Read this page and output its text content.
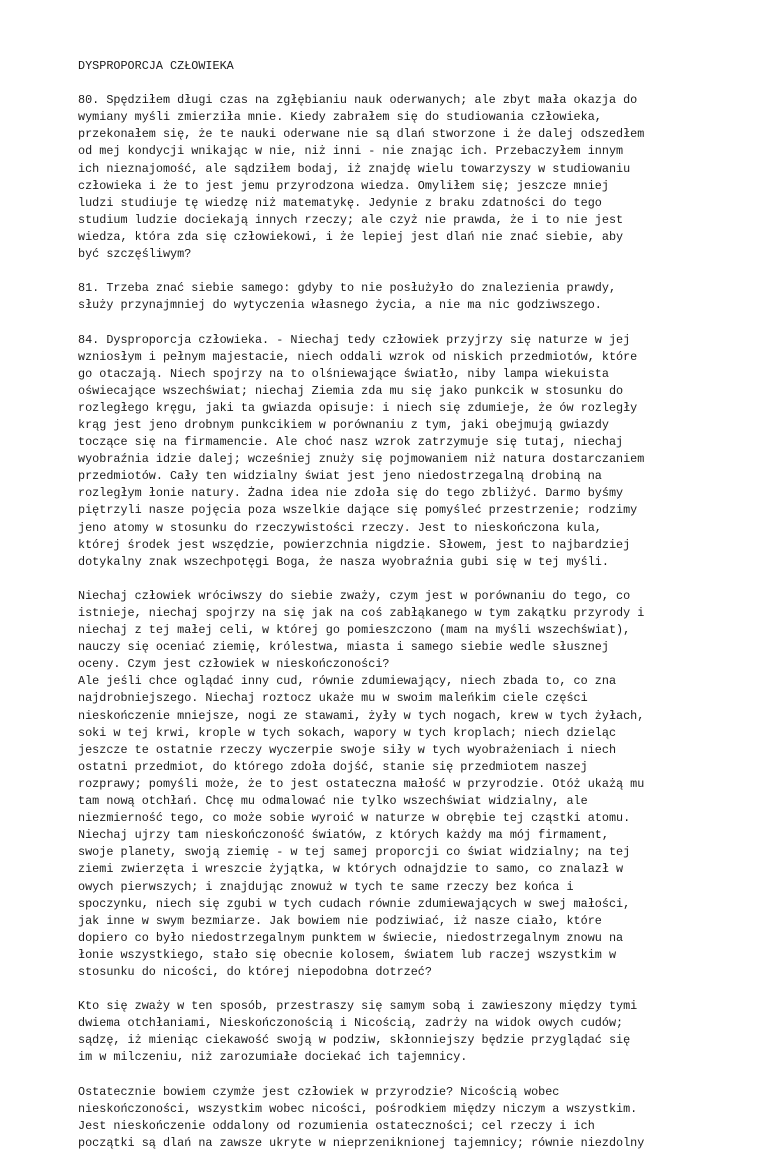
DYSPROPORCJA CZŁOWIEKA
80. Spędziłem długi czas na zgłębianiu nauk oderwanych; ale zbyt mała okazja do
wymiany myśli zmierziła mnie. Kiedy zabrałem się do studiowania człowieka,
przekonałem się, że te nauki oderwane nie są dlań stworzone i że dalej odszedłem
od mej kondycji wnikając w nie, niż inni - nie znając ich. Przebaczyłem innym
ich nieznajomość, ale sądziłem bodaj, iż znajdę wielu towarzyszy w studiowaniu
człowieka i że to jest jemu przyrodzona wiedza. Omyliłem się; jeszcze mniej
ludzi studiuje tę wiedzę niż matematykę. Jedynie z braku zdatności do tego
studium ludzie dociekają innych rzeczy; ale czyż nie prawda, że i to nie jest
wiedza, która zda się człowiekowi, i że lepiej jest dlań nie znać siebie, aby
być szczęśliwym?
81. Trzeba znać siebie samego: gdyby to nie posłużyło do znalezienia prawdy,
służy przynajmniej do wytyczenia własnego życia, a nie ma nic godziwszego.
84. Dysproporcja człowieka. - Niechaj tedy człowiek przyjrzy się naturze w jej
wzniosłym i pełnym majestacie, niech oddali wzrok od niskich przedmiotów, które
go otaczają. Niech spojrzy na to olśniewające światło, niby lampa wiekuista
oświecające wszechświat; niechaj Ziemia zda mu się jako punkcik w stosunku do
rozległego kręgu, jaki ta gwiazda opisuje: i niech się zdumieje, że ów rozległy
krąg jest jeno drobnym punkcikiem w porównaniu z tym, jaki obejmują gwiazdy
toczące się na firmamencie. Ale choć nasz wzrok zatrzymuje się tutaj, niechaj
wyobraźnia idzie dalej; wcześniej znuży się pojmowaniem niż natura dostarczaniem
przedmiotów. Cały ten widzialny świat jest jeno niedostrzegalną drobiną na
rozległym łonie natury. Żadna idea nie zdoła się do tego zbliżyć. Darmo byśmy
piętrzyli nasze pojęcia poza wszelkie dające się pomyśleć przestrzenie; rodzimy
jeno atomy w stosunku do rzeczywistości rzeczy. Jest to nieskończona kula,
której środek jest wszędzie, powierzchnia nigdzie. Słowem, jest to najbardziej
dotykalny znak wszechpotęgi Boga, że nasza wyobraźnia gubi się w tej myśli.
Niechaj człowiek wróciwszy do siebie zważy, czym jest w porównaniu do tego, co
istnieje, niechaj spojrzy na się jak na coś zabłąkanego w tym zakątku przyrody i
niechaj z tej małej celi, w której go pomieszczono (mam na myśli wszechświat),
nauczy się oceniać ziemię, królestwa, miasta i samego siebie wedle słusznej
oceny. Czym jest człowiek w nieskończoności?
Ale jeśli chce oglądać inny cud, równie zdumiewający, niech zbada to, co zna
najdrobniejszego. Niechaj roztocz ukaże mu w swoim maleńkim ciele części
nieskończenie mniejsze, nogi ze stawami, żyły w tych nogach, krew w tych żyłach,
soki w tej krwi, krople w tych sokach, wapory w tych kroplach; niech dzieląc
jeszcze te ostatnie rzeczy wyczerpie swoje siły w tych wyobrażeniach i niech
ostatni przedmiot, do którego zdoła dojść, stanie się przedmiotem naszej
rozprawy; pomyśli może, że to jest ostateczna małość w przyrodzie. Otóż ukażą mu
tam nową otchłań. Chcę mu odmalować nie tylko wszechświat widzialny, ale
niezmierność tego, co może sobie wyroić w naturze w obrębie tej cząstki atomu.
Niechaj ujrzy tam nieskończoność światów, z których każdy ma mój firmament,
swoje planety, swoją ziemię - w tej samej proporcji co świat widzialny; na tej
ziemi zwierzęta i wreszcie żyjątka, w których odnajdzie to samo, co znalazł w
owych pierwszych; i znajdując znowuż w tych te same rzeczy bez końca i
spoczynku, niech się zgubi w tych cudach równie zdumiewających w swej małości,
jak inne w swym bezmiarze. Jak bowiem nie podziwiać, iż nasze ciało, które
dopiero co było niedostrzegalnym punktem w świecie, niedostrzegalnym znowu na
łonie wszystkiego, stało się obecnie kolosem, światem lub raczej wszystkim w
stosunku do nicości, do której niepodobna dotrzeć?
Kto się zważy w ten sposób, przestraszy się samym sobą i zawieszony między tymi
dwiema otchłaniami, Nieskończonością i Nicością, zadrży na widok owych cudów;
sądzę, iż mieniąc ciekawość swoją w podziw, skłonniejszy będzie przyglądać się
im w milczeniu, niż zarozumiałe dociekać ich tajemnicy.
Ostatecznie bowiem czymże jest człowiek w przyrodzie? Nicością wobec
nieskończoności, wszystkim wobec nicości, pośrodkiem między niczym a wszystkim.
Jest nieskończenie oddalony od rozumienia ostateczności; cel rzeczy i ich
początki są dlań na zawsze ukryte w nieprzeniknionej tajemnicy; równie niezdolny
